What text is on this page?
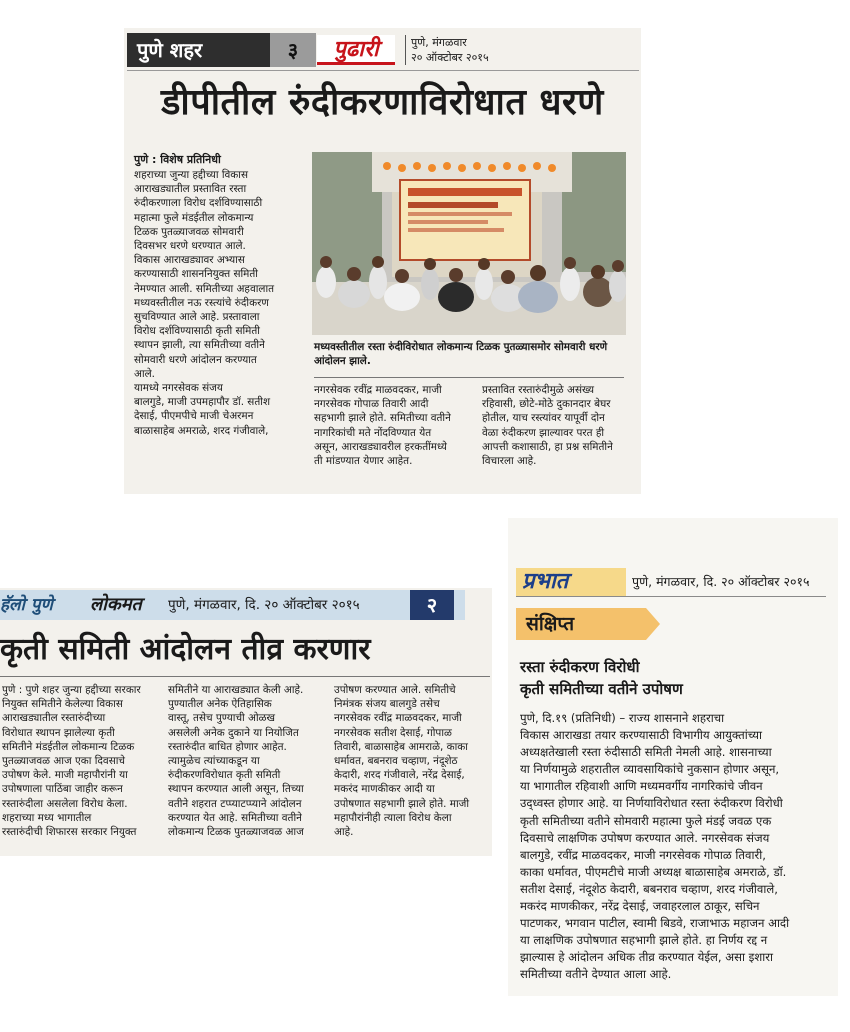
पुणे शहर	३	पुढारी	पुणे, मंगळवार
२० ऑक्टोबर २०१५
डीपीतील रुंदीकरणाविरोधात धरणे
पुणे : विशेष प्रतिनिधी
शहराच्या जुन्या हद्दीच्या विकास
आराखड्यातील प्रस्तावित रस्ता
रुंदीकरणाला विरोध दर्शविण्यासाठी
महात्मा फुले मंडईतील लोकमान्य
टिळक पुतळ्याजवळ सोमवारी
दिवसभर धरणे धरण्यात आले.
विकास आराखड्यावर अभ्यास
करण्यासाठी शासननियुक्त समिती
नेमण्यात आली. समितीच्या अहवालात
मध्यवस्तीतील नऊ रस्त्यांचे रुंदीकरण
सुचविण्यात आले आहे. प्रस्तावाला
विरोध दर्शविण्यासाठी कृती समिती
स्थापन झाली, त्या समितीच्या वतीने
सोमवारी धरणे आंदोलन करण्यात
आले.
यामध्ये नगरसेवक संजय
बालगुडे, माजी उपमहापौर डॉ. सतीश
देसाई, पीएमपीचे माजी चेअरमन
बाळासाहेब अमराळे, शरद गंजीवाले,
मध्यवस्तीतील रस्ता रुंदीविरोधात लोकमान्य टिळक पुतळ्यासमोर सोमवारी धरणे आंदोलन झाले.
नगरसेवक रवींद्र माळवदकर, माजी
नगरसेवक गोपाळ तिवारी आदी
सहभागी झाले होते. समितीच्या वतीने
नागरिकांची मते नोंदविण्यात येत
असून, आराखड्यावरील हरकतींमध्ये
ती मांडण्यात येणार आहेत.
प्रस्तावित रस्तारुंदीमुळे असंख्य
रहिवासी, छोटे-मोठे दुकानदार बेघर
होतील, याच रस्त्यांवर यापूर्वी दोन
वेळा रुंदीकरण झाल्यावर परत ही
आपत्ती कशासाठी, हा प्रश्न समितीने
विचारला आहे.
हॅलो पुणे लोकमत पुणे, मंगळवार, दि. २० ऑक्टोबर २०१५	२
कृती समिती आंदोलन तीव्र करणार
पुणे : पुणे शहर जुन्या हद्दीच्या सरकार
नियुक्त समितीने केलेल्या विकास
आराखड्यातील रस्तारुंदीच्या
विरोधात स्थापन झालेल्या कृती
समितीने मंडईतील लोकमान्य टिळक
पुतळ्याजवळ आज एका दिवसाचे
उपोषण केले. माजी महापौरांनी या
उपोषणाला पाठिंबा जाहीर करून
रस्तारुंदीला असलेला विरोध केला.
शहराच्या मध्य भागातील
रस्तारुंदीची शिफारस सरकार नियुक्त
समितीने या आराखड्यात केली आहे.
पुण्यातील अनेक ऐतिहासिक
वास्तू, तसेच पुण्याची ओळख
असलेली अनेक दुकाने या नियोजित
रस्तारुंदीत बाधित होणार आहेत.
त्यामुळेच त्यांच्याकडून या
रुंदीकरणविरोधात कृती समिती
स्थापन करण्यात आली असून, तिच्या
वतीने शहरात टप्प्याटप्प्याने आंदोलन
करण्यात येत आहे. समितीच्या वतीने
लोकमान्य टिळक पुतळ्याजवळ आज
उपोषण करण्यात आले. समितीचे
निमंत्रक संजय बालगुडे तसेच
नगरसेवक रवींद्र माळवदकर, माजी
नगरसेवक सतीश देसाई, गोपाळ
तिवारी, बाळासाहेब आमराळे, काका
धर्मावत, बबनराव चव्हाण, नंदूशेठ
केदारी, शरद गंजीवाले, नरेंद्र देसाई,
मकरंद माणकीकर आदी या
उपोषणात सहभागी झाले होते. माजी
महापौरांनीही त्याला विरोध केला
आहे.
प्रभात	पुणे, मंगळवार, दि. २० ऑक्टोबर २०१५
संक्षिप्त
रस्ता रुंदीकरण विरोधी
कृती समितीच्या वतीने उपोषण
पुणे, दि.१९ (प्रतिनिधी) – राज्य शासनाने शहराचा
विकास आराखडा तयार करण्यासाठी विभागीय आयुक्तांच्या
अध्यक्षतेखाली रस्ता रुंदीसाठी समिती नेमली आहे. शासनाच्या
या निर्णयामुळे शहरातील व्यावसायिकांचे नुकसान होणार असून,
या भागातील रहिवाशी आणि मध्यमवर्गीय नागरिकांचे जीवन
उद्‌ध्वस्त होणार आहे. या निर्णयाविरोधात रस्ता रुंदीकरण विरोधी
कृती समितीच्या वतीने सोमवारी महात्मा फुले मंडई जवळ एक
दिवसाचे लाक्षणिक उपोषण करण्यात आले. नगरसेवक संजय
बालगुडे, रवींद्र माळवदकर, माजी नगरसेवक गोपाळ तिवारी,
काका धर्मावत, पीएमटीचे माजी अध्यक्ष बाळासाहेब अमराळे, डॉ.
सतीश देसाई, नंदूशेठ केदारी, बबनराव चव्हाण, शरद गंजीवाले,
मकरंद माणकीकर, नरेंद्र देसाई, जवाहरलाल ठाकूर, सचिन
पाटणकर, भगवान पाटील, स्वामी बिडवे, राजाभाऊ महाजन आदी
या लाक्षणिक उपोषणात सहभागी झाले होते. हा निर्णय रद्द न
झाल्यास हे आंदोलन अधिक तीव्र करण्यात येईल, असा इशारा
समितीच्या वतीने देण्यात आला आहे.
